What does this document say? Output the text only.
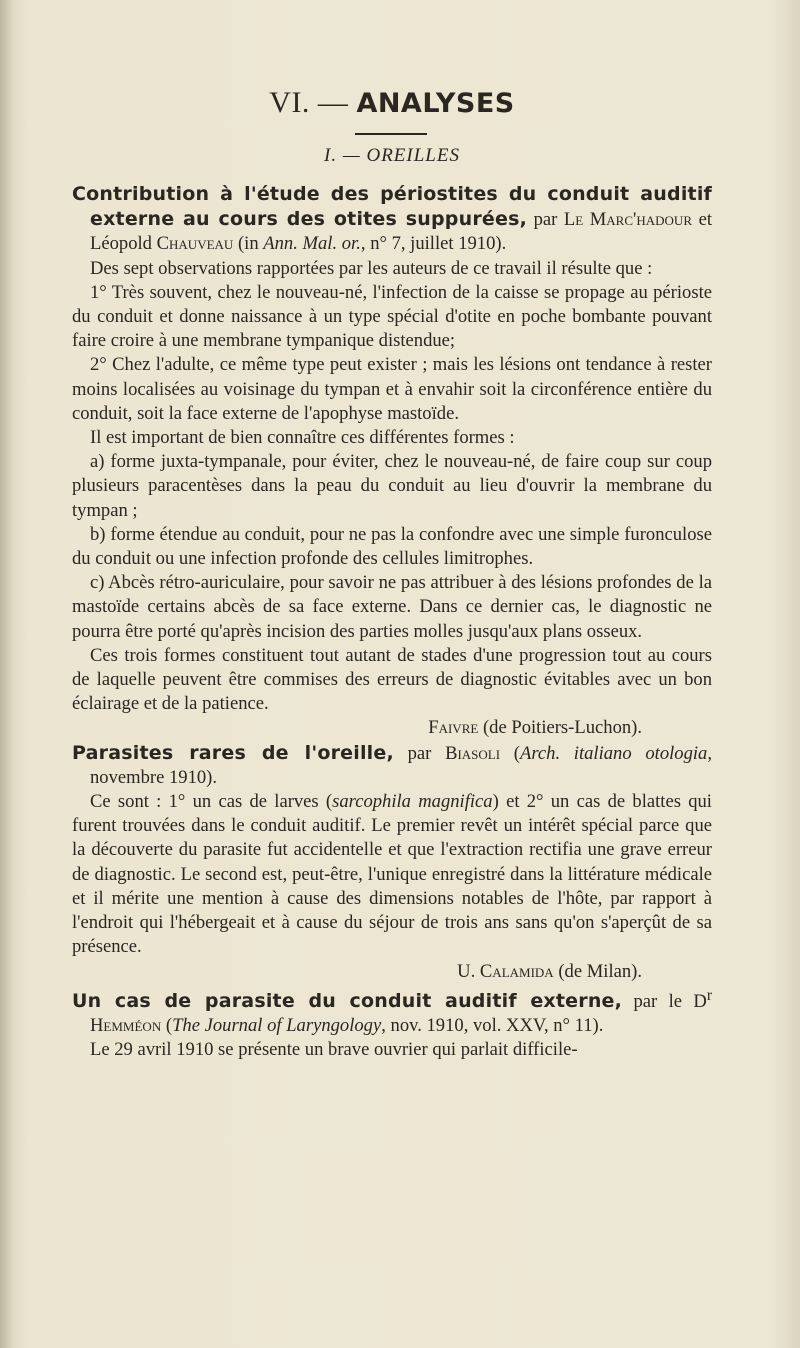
VI. — ANALYSES
I. — OREILLES

Contribution à l'étude des périostites du conduit auditif externe au cours des otites suppurées, par Le Marc'hadour et Léopold Chauveau (in Ann. Mal. or., n° 7, juillet 1910).

Des sept observations rapportées par les auteurs de ce travail il résulte que :

1° Très souvent, chez le nouveau-né, l'infection de la caisse se propage au périoste du conduit et donne naissance à un type spécial d'otite en poche bombante pouvant faire croire à une membrane tympanique distendue;

2° Chez l'adulte, ce même type peut exister ; mais les lésions ont tendance à rester moins localisées au voisinage du tympan et à envahir soit la circonférence entière du conduit, soit la face externe de l'apophyse mastoïde.

Il est important de bien connaître ces différentes formes :

a) forme juxta-tympanale, pour éviter, chez le nouveau-né, de faire coup sur coup plusieurs paracentèses dans la peau du conduit au lieu d'ouvrir la membrane du tympan ;

b) forme étendue au conduit, pour ne pas la confondre avec une simple furonculose du conduit ou une infection profonde des cellules limitrophes.

c) Abcès rétro-auriculaire, pour savoir ne pas attribuer à des lésions profondes de la mastoïde certains abcès de sa face externe. Dans ce dernier cas, le diagnostic ne pourra être porté qu'après incision des parties molles jusqu'aux plans osseux.

Ces trois formes constituent tout autant de stades d'une progression tout au cours de laquelle peuvent être commises des erreurs de diagnostic évitables avec un bon éclairage et de la patience.

Faivre (de Poitiers-Luchon).

Parasites rares de l'oreille, par Biasoli (Arch. italiano otologia, novembre 1910).

Ce sont : 1° un cas de larves (sarcophila magnifica) et 2° un cas de blattes qui furent trouvées dans le conduit auditif. Le premier revêt un intérêt spécial parce que la découverte du parasite fut accidentelle et que l'extraction rectifia une grave erreur de diagnostic. Le second est, peut-être, l'unique enregistré dans la littérature médicale et il mérite une mention à cause des dimensions notables de l'hôte, par rapport à l'endroit qui l'hébergeait et à cause du séjour de trois ans sans qu'on s'aperçût de sa présence.

U. Calamida (de Milan).

Un cas de parasite du conduit auditif externe, par le $D^r$ Hemméon (The Journal of Laryngology, nov. 1910, vol. XXV, n° 11).

Le 29 avril 1910 se présente un brave ouvrier qui parlait difficile-
